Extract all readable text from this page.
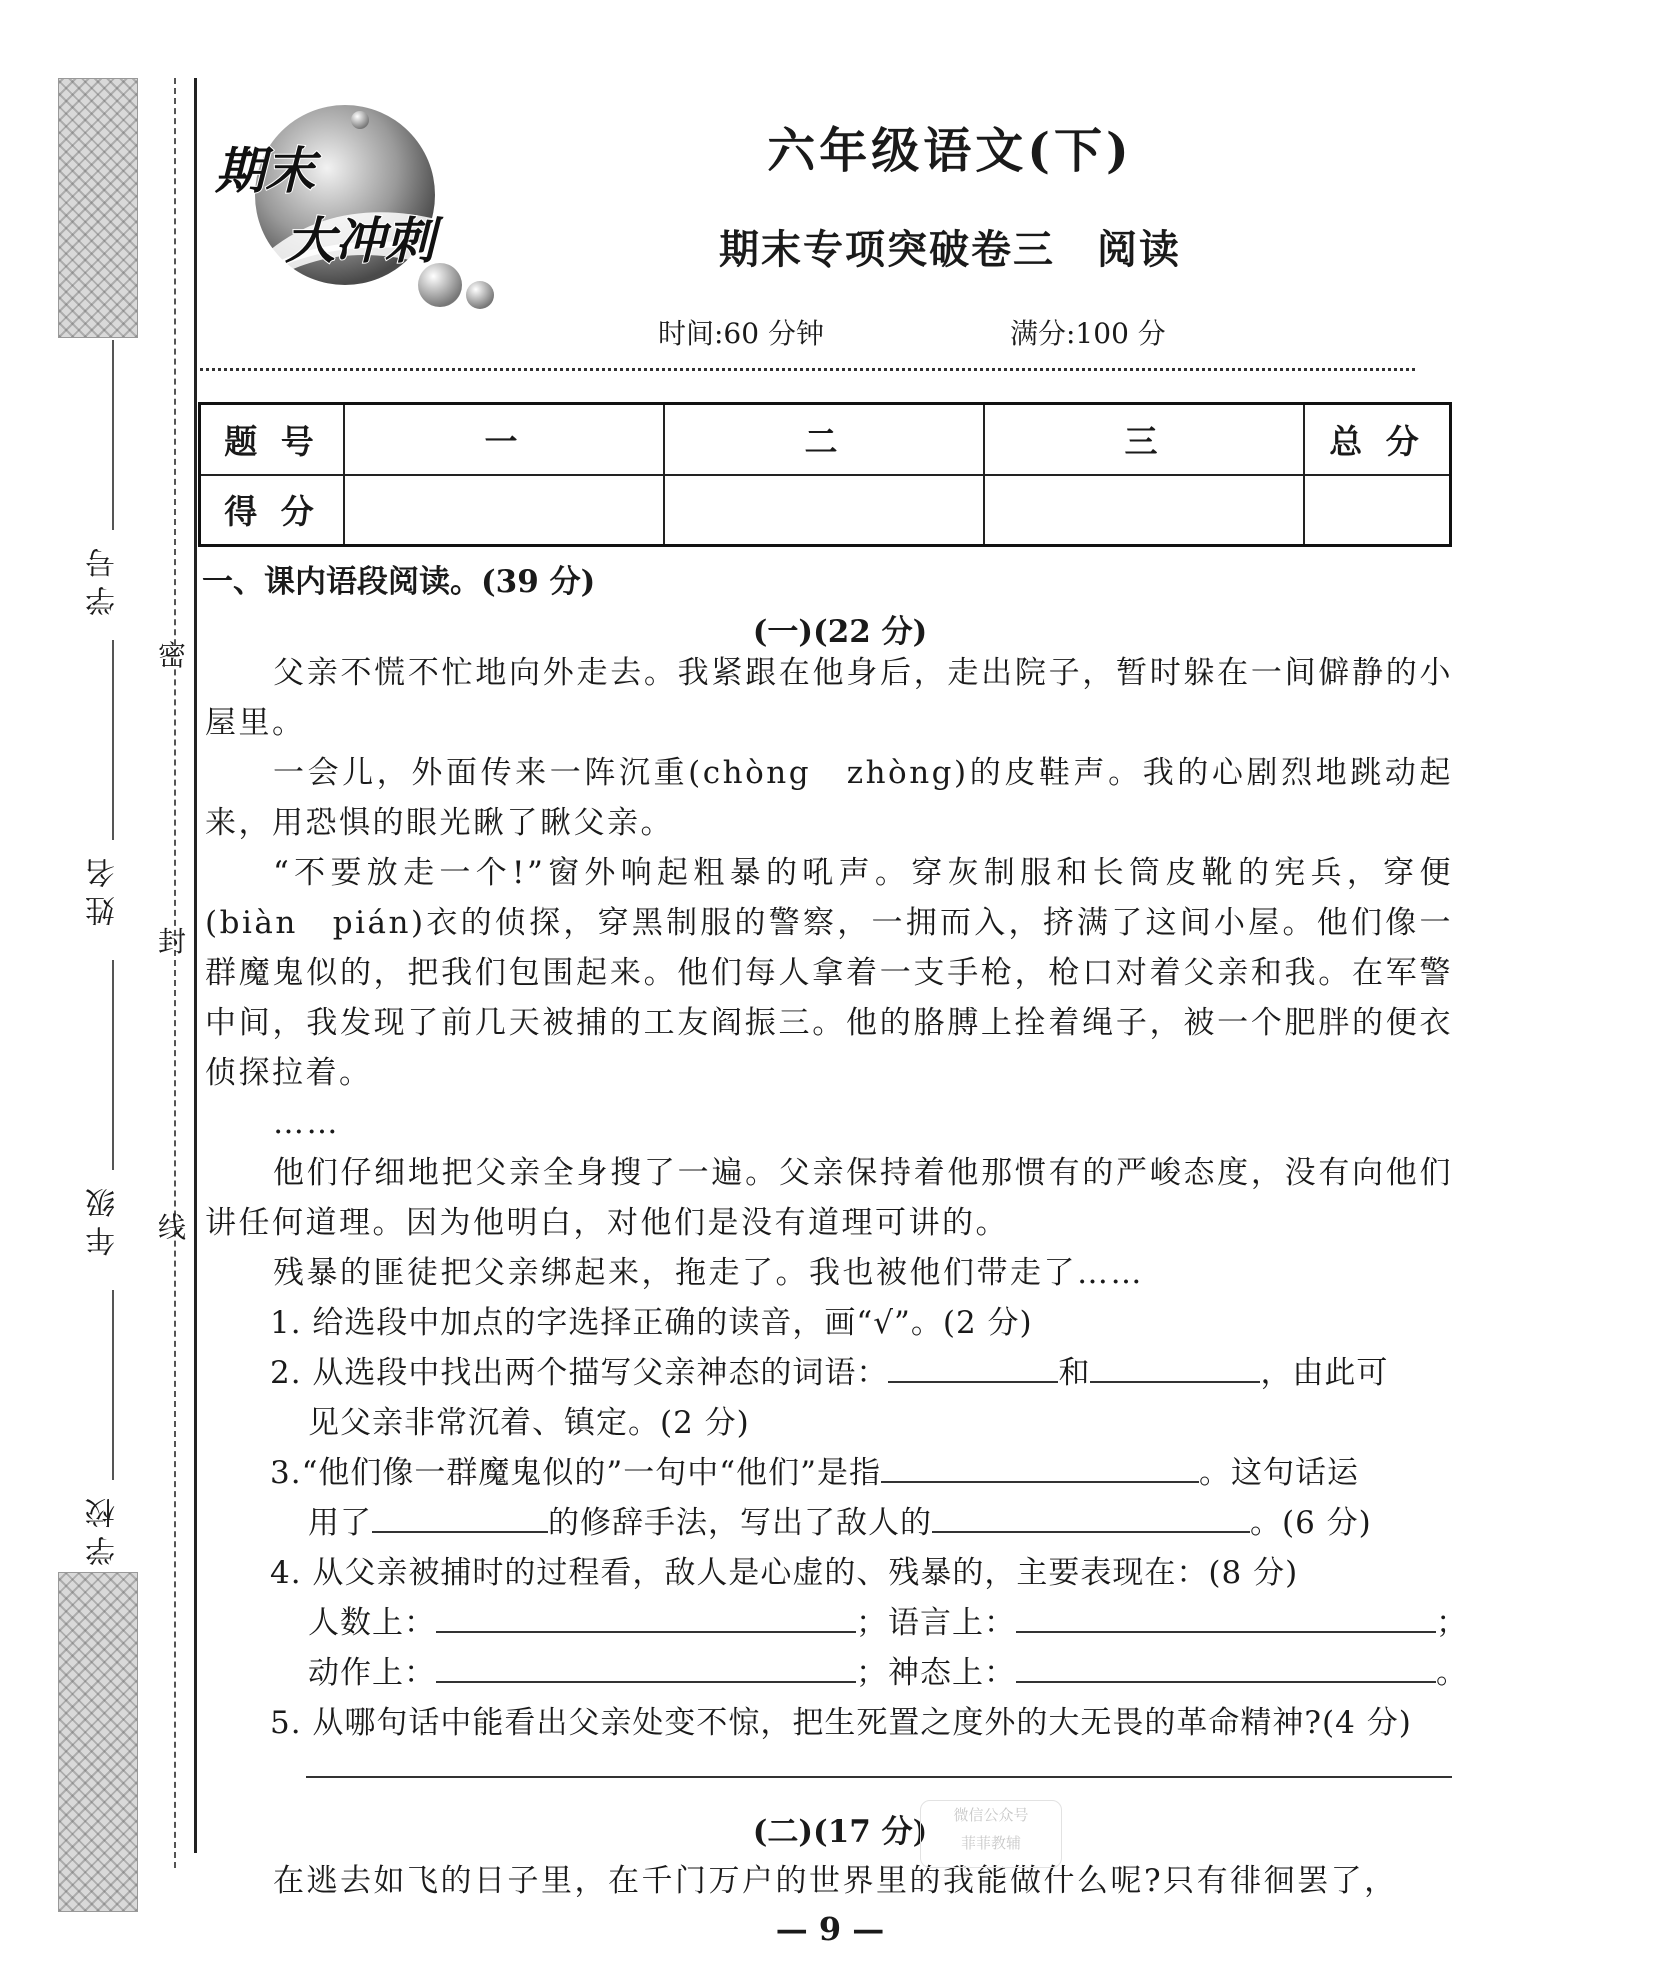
密
封
线
学号
姓名
年级
学校
期末
大冲刺
六年级语文(下)
期末专项突破卷三　阅读
时间:60 分钟	满分:100 分
题 号	一	二	三	总 分
得 分				
一、课内语段阅读。(39 分)
(一)(22 分)
父亲不慌不忙地向外走去。我紧跟在他身后，走出院子，暂时躲在一间僻静的小屋里。
一会儿，外面传来一阵沉重(chòng　zhòng)的皮鞋声。我的心剧烈地跳动起来，用恐惧的眼光瞅了瞅父亲。
“不要放走一个!”窗外响起粗暴的吼声。穿灰制服和长筒皮靴的宪兵，穿便(biàn　pián)衣的侦探，穿黑制服的警察，一拥而入，挤满了这间小屋。他们像一群魔鬼似的，把我们包围起来。他们每人拿着一支手枪，枪口对着父亲和我。在军警中间，我发现了前几天被捕的工友阎振三。他的胳膊上拴着绳子，被一个肥胖的便衣侦探拉着。
……
他们仔细地把父亲全身搜了一遍。父亲保持着他那惯有的严峻态度，没有向他们讲任何道理。因为他明白，对他们是没有道理可讲的。
残暴的匪徒把父亲绑起来，拖走了。我也被他们带走了……
1. 给选段中加点的字选择正确的读音，画“√”。(2 分)
2. 从选段中找出两个描写父亲神态的词语：	和	，由此可
见父亲非常沉着、镇定。(2 分)
3.“他们像一群魔鬼似的”一句中“他们”是指	。这句话运
用了	的修辞手法，写出了敌人的	。(6 分)
4. 从父亲被捕时的过程看，敌人是心虚的、残暴的，主要表现在：(8 分)
人数上：	；语言上：	；
动作上：	；神态上：	。
5. 从哪句话中能看出父亲处变不惊，把生死置之度外的大无畏的革命精神?(4 分)
(二)(17 分)
在逃去如飞的日子里，在千门万户的世界里的我能做什么呢?只有徘徊罢了，
微信公众号
菲菲教辅
— 9 —
